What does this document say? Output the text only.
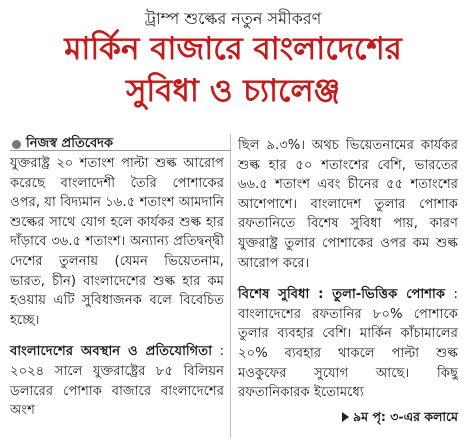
ট্রাম্প শুল্কের নতুন সমীকরণ
মার্কিন বাজারে বাংলাদেশের
সুবিধা ও চ্যালেঞ্জ
নিজস্ব প্রতিবেদক

যুক্তরাষ্ট্র ২০ শতাংশ পাল্টা শুল্ক আরোপ করেছে বাংলাদেশী তৈরি পোশাকের ওপর, যা বিদ্যমান ১৬.৫ শতাংশ আমদানি শুল্কের সাথে যোগ হলে কার্যকর শুল্ক হার দাঁড়াবে ৩৬.৫ শতাংশ। অন্যান্য প্রতিদ্বন্দ্বী দেশের তুলনায় (যেমন ভিয়েতনাম, ভারত, চীন) বাংলাদেশের শুল্ক হার কম হওয়ায় এটি সুবিধাজনক বলে বিবেচিত হচ্ছে।

বাংলাদেশের অবস্থান ও প্রতিযোগিতা : ২০২৪ সালে যুক্তরাষ্ট্রের ৮৫ বিলিয়ন ডলারের পোশাক বাজারে বাংলাদেশের অংশ

ছিল ৯.৩%। অথচ ভিয়েতনামের কার্যকর শুল্ক হার ৫০ শতাংশের বেশি, ভারতের ৬৬.৫ শতাংশ এবং চীনের ৫৫ শতাংশের আশেপাশে। বাংলাদেশ তুলার পোশাক রফতানিতে বিশেষ সুবিধা পায়, কারণ যুক্তরাষ্ট্র তুলার পোশাকের ওপর কম শুল্ক আরোপ করে।

বিশেষ সুবিধা : তুলা-ভিত্তিক পোশাক : বাংলাদেশের রফতানির ৮০% পোশাকে তুলার ব্যবহার বেশি। মার্কিন কাঁচামালের ২০% ব্যবহার থাকলে পাল্টা শুল্ক মওকুফের সুযোগ আছে। কিছু রফতানিকারক ইতোমধ্যে

৯ম পৃ: ৩-এর কলামে
